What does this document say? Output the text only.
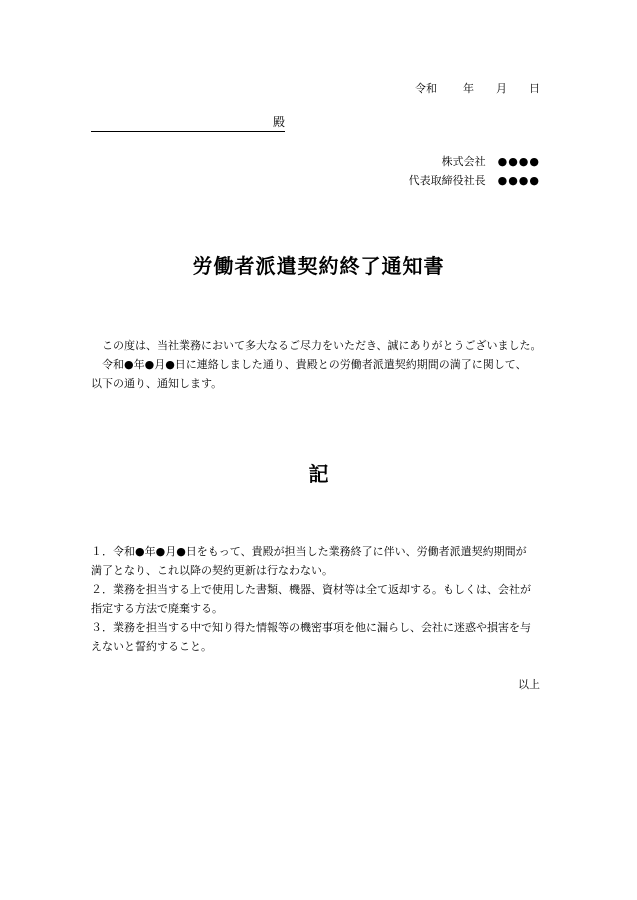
令和 年 月 日
殿
株式会社 ●●●●
代表取締役社長 ●●●●
労働者派遣契約終了通知書

この度は、当社業務において多大なるご尽力をいただき、誠にありがとうございました。

令和●年●月●日に連絡しました通り、貴殿との労働者派遣契約期間の満了に関して、

以下の通り、通知します。

記

１．令和●年●月●日をもって、貴殿が担当した業務終了に伴い、労働者派遣契約期間が

満了となり、これ以降の契約更新は行なわない。

２．業務を担当する上で使用した書類、機器、資材等は全て返却する。もしくは、会社が

指定する方法で廃棄する。

３．業務を担当する中で知り得た情報等の機密事項を他に漏らし、会社に迷惑や損害を与

えないと誓約すること。

以上
